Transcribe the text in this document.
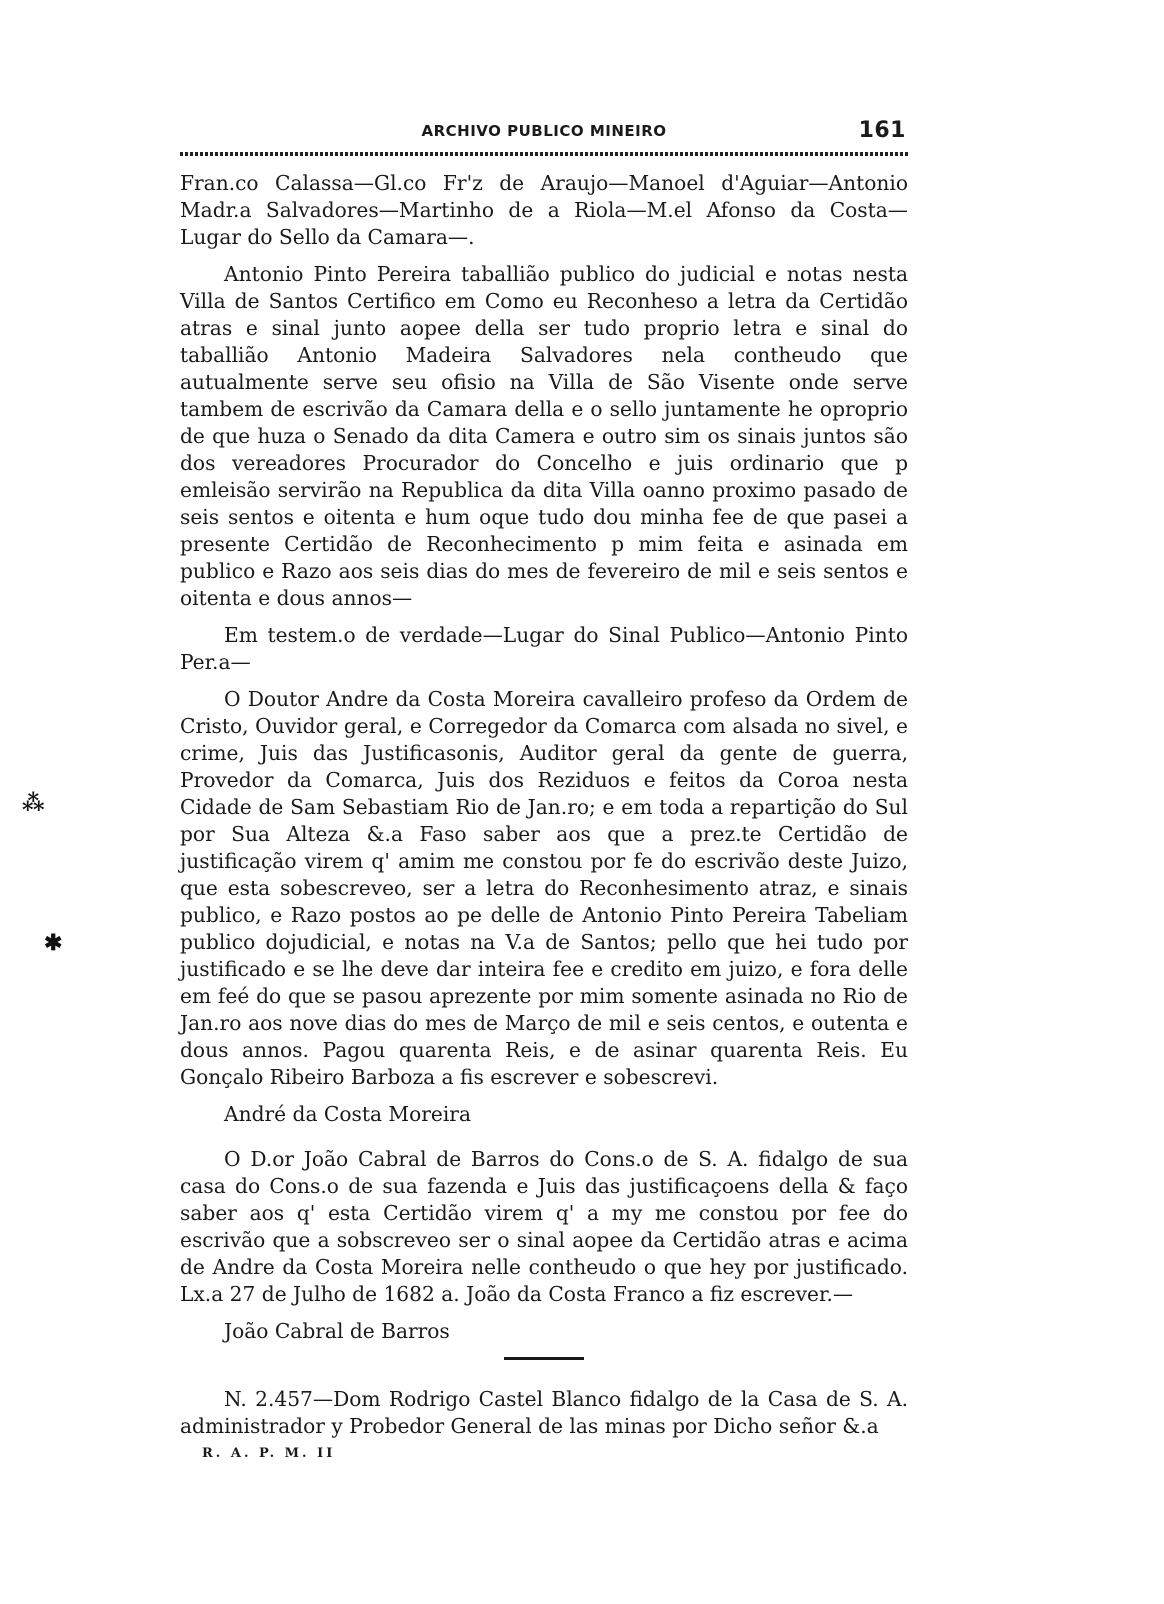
⁂
✱
ARCHIVO PUBLICO MINEIRO	161

Fran.co Calassa—Gl.co Fr'z de Araujo—Manoel d'Aguiar—Antonio Madr.a Salvadores—Martinho de a Riola—M.el Afonso da Costa—Lugar do Sello da Camara—.

Antonio Pinto Pereira taballião publico do judicial e notas nesta Villa de Santos Certifico em Como eu Reconheso a letra da Certidão atras e sinal junto aopee della ser tudo proprio letra e sinal do taballião Antonio Madeira Salvadores nela contheudo que autualmente serve seu ofisio na Villa de São Visente onde serve tambem de escrivão da Camara della e o sello juntamente he oproprio de que huza o Senado da dita Camera e outro sim os sinais juntos são dos vereadores Procurador do Concelho e juis ordinario que p emleisão servirão na Republica da dita Villa oanno proximo pasado de seis sentos e oitenta e hum oque tudo dou minha fee de que pasei a presente Certidão de Reconhecimento p mim feita e asinada em publico e Razo aos seis dias do mes de fevereiro de mil e seis sentos e oitenta e dous annos—

Em testem.o de verdade—Lugar do Sinal Publico—Antonio Pinto Per.a—

O Doutor Andre da Costa Moreira cavalleiro profeso da Ordem de Cristo, Ouvidor geral, e Corregedor da Comarca com alsada no sivel, e crime, Juis das Justificasonis, Auditor geral da gente de guerra, Provedor da Comarca, Juis dos Reziduos e feitos da Coroa nesta Cidade de Sam Sebastiam Rio de Jan.ro; e em toda a repartição do Sul por Sua Alteza &.a Faso saber aos que a prez.te Certidão de justificação virem q' amim me constou por fe do escrivão deste Juizo, que esta sobescreveo, ser a letra do Reconhesimento atraz, e sinais publico, e Razo postos ao pe delle de Antonio Pinto Pereira Tabeliam publico dojudicial, e notas na V.a de Santos; pello que hei tudo por justificado e se lhe deve dar inteira fee e credito em juizo, e fora delle em feé do que se pasou aprezente por mim somente asinada no Rio de Jan.ro aos nove dias do mes de Março de mil e seis centos, e outenta e dous annos. Pagou quarenta Reis, e de asinar quarenta Reis. Eu Gonçalo Ribeiro Barboza a fis escrever e sobescrevi.

André da Costa Moreira

O D.or João Cabral de Barros do Cons.o de S. A. fidalgo de sua casa do Cons.o de sua fazenda e Juis das justificaçoens della & faço saber aos q' esta Certidão virem q' a my me constou por fee do escrivão que a sobscreveo ser o sinal aopee da Certidão atras e acima de Andre da Costa Moreira nelle contheudo o que hey por justificado. Lx.a 27 de Julho de 1682 a. João da Costa Franco a fiz escrever.—

João Cabral de Barros

N. 2.457—Dom Rodrigo Castel Blanco fidalgo de la Casa de S. A. administrador y Probedor General de las minas por Dicho señor &.a

R. A. P. M. II
